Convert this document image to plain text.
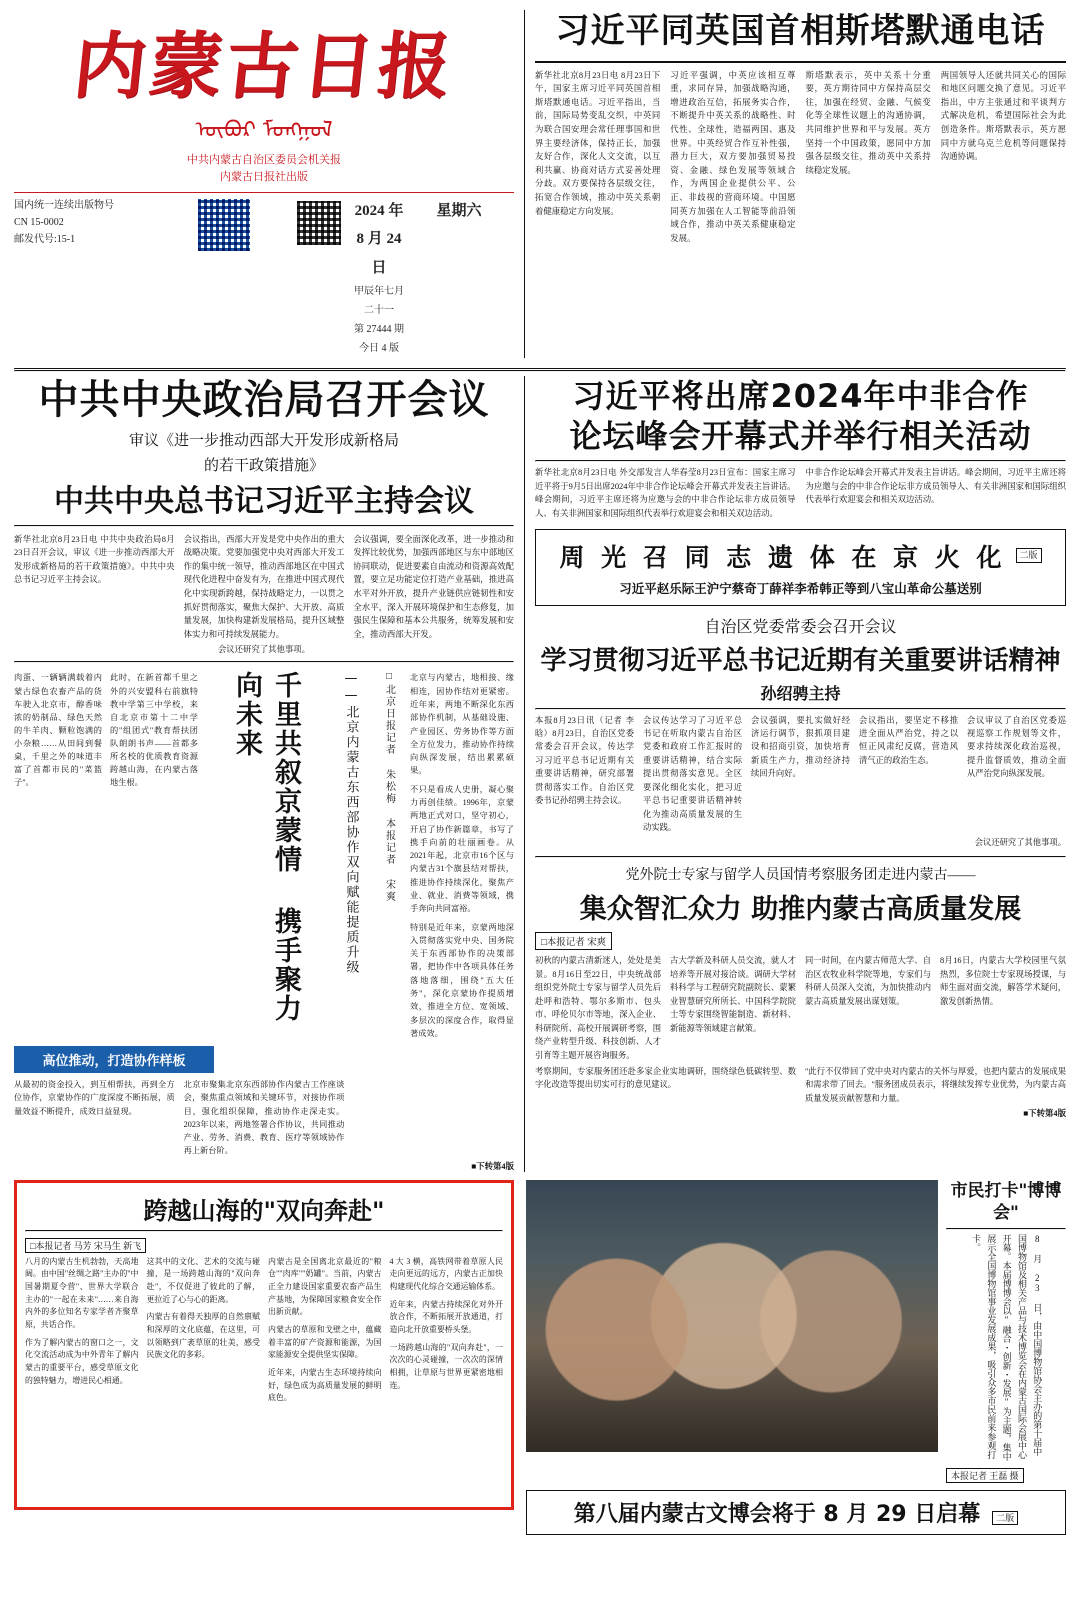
内蒙古日报
ᠥᠪᠥᠷ ᠮᠣᠩᠭᠣᠯ
中共内蒙古自治区委员会机关报
内蒙古日报社出版
国内统一连续出版物号
CN 15-0002
邮发代号:15-1
2024 年 8 月 24 日
甲辰年七月二十一
第 27444 期
今日 4 版
星期六
习近平同英国首相斯塔默通电话
新华社北京8月23日电 8月23日下午，国家主席习近平同英国首相斯塔默通电话。习近平指出，当前，国际局势变乱交织，中英同为联合国安理会常任理事国和世界主要经济体，保持正长，加强友好合作，深化人文交流，以互利共赢、协商对话方式妥善处理分歧。双方要保持各层级交往，拓宽合作领域，推动中英关系朝着健康稳定方向发展。
习近平强调，中英应该相互尊重，求同存异，加强战略沟通，增进政治互信，拓展务实合作，不断提升中英关系的战略性、时代性、全球性，造福两国、惠及世界。中英经贸合作互补性强，潜力巨大，双方要加强贸易投资、金融、绿色发展等领域合作，为两国企业提供公平、公正、非歧视的营商环境。中国愿同英方加强在人工智能等前沿领域合作，推动中英关系健康稳定发展。
斯塔默表示，英中关系十分重要，英方期待同中方保持高层交往，加强在经贸、金融、气候变化等全球性议题上的沟通协调，共同维护世界和平与发展。英方坚持一个中国政策，愿同中方加强各层级交往，推动英中关系持续稳定发展。
两国领导人还就共同关心的国际和地区问题交换了意见。习近平指出，中方主张通过和平谈判方式解决危机，希望国际社会为此创造条件。斯塔默表示，英方愿同中方就乌克兰危机等问题保持沟通协调。
中共中央政治局召开会议
审议《进一步推动西部大开发形成新格局
的若干政策措施》
中共中央总书记习近平主持会议
新华社北京8月23日电 中共中央政治局8月23日召开会议，审议《进一步推动西部大开发形成新格局的若干政策措施》。中共中央总书记习近平主持会议。
会议指出，西部大开发是党中央作出的重大战略决策。党要加强党中央对西部大开发工作的集中统一领导，推动西部地区在中国式现代化进程中奋发有为，在推进中国式现代化中实现新跨越，保持战略定力，一以贯之抓好贯彻落实，聚焦大保护、大开放、高质量发展，加快构建新发展格局，提升区域整体实力和可持续发展能力。
会议强调，要全面深化改革，进一步推动和发挥比较优势，加强西部地区与东中部地区协同联动，促进要素自由流动和资源高效配置，要立足功能定位打造产业基础，推进高水平对外开放，提升产业链供应链韧性和安全水平，深入开展环境保护和生态修复，加强民生保障和基本公共服务，统筹发展和安全，推动西部大开发。
会议还研究了其他事项。
肉蛋、一辆辆满载着内蒙古绿色农畜产品的货车驶入北京市，醇香味浓的奶制品、绿色天然的牛羊肉、颗粒饱满的小杂粮……从田间到餐桌，千里之外的味道丰富了首都市民的"菜篮子"。
此时，在新首都千里之外的兴安盟科右前旗特教中学第三中学校，来自北京市第十二中学的"组团式"教育帮扶团队朗朗书声——首都多所名校的优质教育资源跨越山海，在内蒙古落地生根。	千里共叙京蒙情 携手聚力向未来	——北京内蒙古东西部协作双向赋能提质升级	□北京日报记者 朱松梅 本报记者 宋爽 北京与内蒙古，地相接、缘相连，因协作结对更紧密。近年来，两地不断深化东西部协作机制，从基础设施、产业园区、劳务协作等方面全方位发力，推动协作持续向纵深发展，结出累累硕果。
不只是看成人史册，凝心聚力再创佳绩。1996年，京蒙两地正式对口，坚守初心，开启了协作新篇章，书写了携手向前的壮丽画卷。从2021年起，北京市16个区与内蒙古31个旗县结对帮扶，推进协作持续深化，聚焦产业、就业、消费等领域，携手奔向共同富裕。
特别是近年来，京蒙两地深入贯彻落实党中央、国务院关于东西部协作的决策部署，把协作中各项具体任务落地落细，围绕"五大任务"，深化京蒙协作提质增效，推进全方位、宽领域、多层次的深度合作，取得显著成效。
高位推动，打造协作样板
从最初的资金投入，到互相帮扶，再到全方位协作，京蒙协作的广度深度不断拓展，质量效益不断提升，成效日益显现。
北京市聚集北京东西部协作内蒙古工作座谈会，聚焦重点领域和关键环节，对接协作项目，强化组织保障，推动协作走深走实。2023年以来，两地签署合作协议，共同推动产业、劳务、消费、教育、医疗等领域协作再上新台阶。
■下转第4版
习近平将出席2024年中非合作
论坛峰会开幕式并举行相关活动
新华社北京8月23日电 外交部发言人华春莹8月23日宣布：国家主席习近平将于9月5日出席2024年中非合作论坛峰会开幕式并发表主旨讲话。峰会期间，习近平主席还将为应邀与会的中非合作论坛非方成员领导人、有关非洲国家和国际组织代表举行欢迎宴会和相关双边活动。
中非合作论坛峰会开幕式并发表主旨讲话。峰会期间，习近平主席还将为应邀与会的中非合作论坛非方成员领导人、有关非洲国家和国际组织代表举行欢迎宴会和相关双边活动。
周 光 召 同 志 遗 体 在 京 火 化	二版
习近平赵乐际王沪宁蔡奇丁薛祥李希韩正等到八宝山革命公墓送别
自治区党委常委会召开会议
学习贯彻习近平总书记近期有关重要讲话精神
孙绍骋主持
本报8月23日讯（记者 李晗）8月23日，自治区党委常委会召开会议，传达学习习近平总书记近期有关重要讲话精神，研究部署贯彻落实工作。自治区党委书记孙绍骋主持会议。
会议传达学习了习近平总书记在听取内蒙古自治区党委和政府工作汇报时的重要讲话精神，结合实际提出贯彻落实意见。全区要深化细化实化，把习近平总书记重要讲话精神转化为推动高质量发展的生动实践。
会议强调，要扎实做好经济运行调节，狠抓项目建设和招商引资，加快培育新质生产力，推动经济持续回升向好。
会议指出，要坚定不移推进全面从严治党，持之以恒正风肃纪反腐，营造风清气正的政治生态。
会议审议了自治区党委巡视巡察工作规划等文件，要求持续深化政治巡视，提升监督质效，推动全面从严治党向纵深发展。
会议还研究了其他事项。
党外院士专家与留学人员国情考察服务团走进内蒙古——
集众智汇众力 助推内蒙古高质量发展
□本报记者 宋爽
初秋的内蒙古清新迷人，处处是美景。8月16日至22日，中央统战部组织党外院士专家与留学人员先后赴呼和浩特、鄂尔多斯市、包头市、呼伦贝尔市等地，深入企业、科研院所、高校开展调研考察，围绕产业转型升级、科技创新、人才引育等主题开展咨询服务。
古大学新及科研人员交流，就人才培养等开展对接洽谈。调研大学材料科学与工程研究院副院长、蒙繁业智慧研究所所长、中国科学院院士等专家围绕智能制造、新材料、新能源等领域建言献策。
同一时间，在内蒙古师范大学、自治区农牧业科学院等地，专家们与科研人员深入交流，为加快推动内蒙古高质量发展出谋划策。
8月16日，内蒙古大学校园里气氛热烈，多位院士专家现场授课，与师生面对面交流，解答学术疑问，激发创新热情。
考察期间，专家服务团还赴多家企业实地调研，围绕绿色低碳转型、数字化改造等提出切实可行的意见建议。
"此行不仅带回了党中央对内蒙古的关怀与厚爱，也把内蒙古的发展成果和需求带了回去。"服务团成员表示，将继续发挥专业优势，为内蒙古高质量发展贡献智慧和力量。
■下转第4版
跨越山海的"双向奔赴"
□本报记者 马芳 宋马生 新飞
八月的内蒙古生机勃勃，天高地阔。由中国"丝绸之路"主办的"中国暑期夏令营"、世界大学联合主办的"一起在未来"……来自海内外的多位知名专家学者齐聚草原，共话合作。
作为了解内蒙古的窗口之一，文化交流活动成为中外青年了解内蒙古的重要平台，感受草原文化的独特魅力，增进民心相通。
这其中的文化、艺术的交流与碰撞，是一场跨越山海的"双向奔赴"，不仅促进了彼此的了解，更拉近了心与心的距离。
内蒙古有着得天独厚的自然禀赋和深厚的文化底蕴，在这里，可以领略到广袤草原的壮美，感受民族文化的多彩。
内蒙古是全国离北京最近的"粮仓""肉库""奶罐"。当前，内蒙古正全力建设国家重要农畜产品生产基地，为保障国家粮食安全作出新贡献。
内蒙古的草原和戈壁之中，蕴藏着丰富的矿产资源和能源，为国家能源安全提供坚实保障。
近年来，内蒙古生态环境持续向好，绿色成为高质量发展的鲜明底色。
4 大 3 横，高铁网带着草原人民走向更远的远方，内蒙古正加快构建现代化综合交通运输体系。
近年来，内蒙古持续深化对外开放合作，不断拓展开放通道，打造向北开放重要桥头堡。
一场跨越山海的"双向奔赴"，一次次的心灵碰撞，一次次的深情相拥，让草原与世界更紧密地相连。
市民打卡"博博会"
8 月 23 日，由中国博物馆协会主办的第十届中国博物馆及相关产品与技术博览会在内蒙古国际会展中心开幕。本届博博会以"融合・创新・发展"为主题，集中展示全国博物馆事业发展成果，吸引众多市民前来参观打卡。
本报记者 王磊 摄
第八届内蒙古文博会将于 8 月 29 日启幕 二版
